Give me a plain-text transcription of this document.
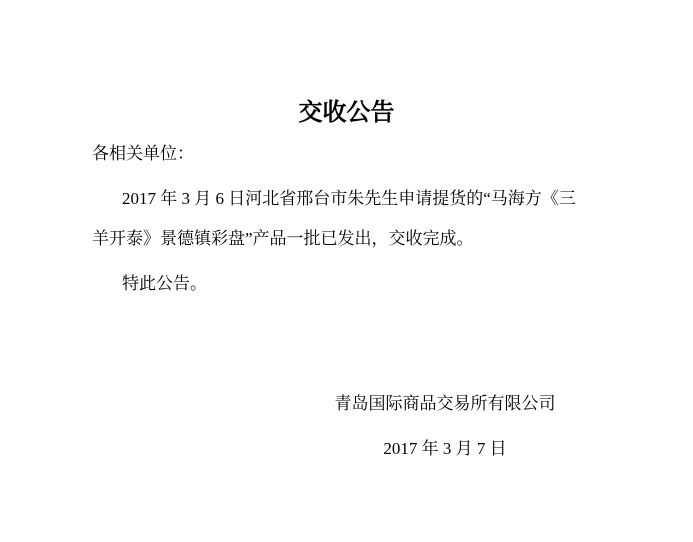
交收公告
各相关单位：
2017 年 3 月 6 日河北省邢台市朱先生申请提货的“马海方《三
羊开泰》景德镇彩盘”产品一批已发出，交收完成。
特此公告。
青岛国际商品交易所有限公司
2017 年 3 月 7 日
